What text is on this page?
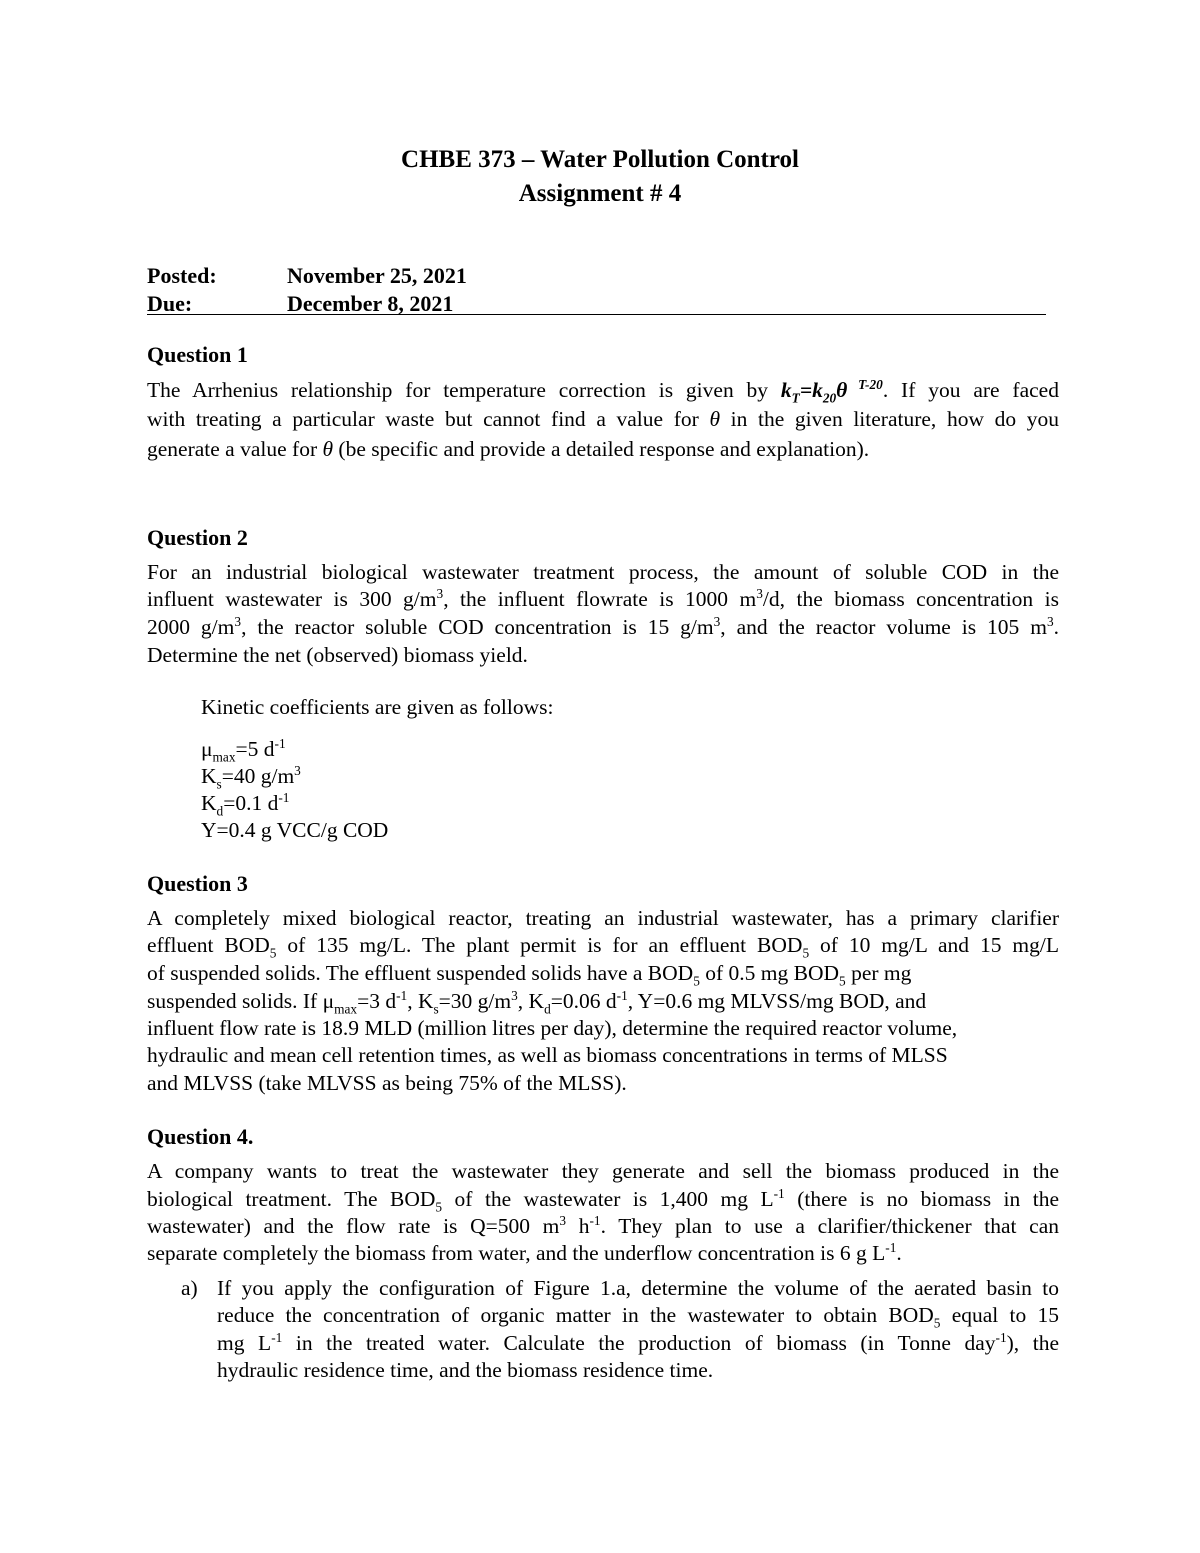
CHBE 373 – Water Pollution Control
Assignment # 4
Posted:	November 25, 2021
Due:	December 8, 2021
Question 1
The Arrhenius relationship for temperature correction is given by $k_T=k_{20}\theta$ $^{T-20}$. If you are faced
with treating a particular waste but cannot find a value for θ in the given literature, how do you
generate a value for θ (be specific and provide a detailed response and explanation).
Question 2
For an industrial biological wastewater treatment process, the amount of soluble COD in the
influent wastewater is 300 $g/m^3$, the influent flowrate is 1000 $m^3/d$, the biomass concentration is
2000 $g/m^3$, the reactor soluble COD concentration is 15 $g/m^3$, and the reactor volume is 105 $m^3$.
Determine the net (observed) biomass yield.
Kinetic coefficients are given as follows:
$\mu_{max}=5$ $d^{-1}$
$K_s=40$ $g/m^3$
$K_d=0.1$ $d^{-1}$
Y=0.4 g VCC/g COD
Question 3
A completely mixed biological reactor, treating an industrial wastewater, has a primary clarifier
effluent $BOD_5$ of 135 mg/L. The plant permit is for an effluent $BOD_5$ of 10 mg/L and 15 mg/L
of suspended solids. The effluent suspended solids have a $BOD_5$ of 0.5 mg $BOD_5$ per mg
suspended solids. If $\mu_{max}=3$ $d^{-1}$, $K_s=30$ $g/m^3$, $K_d=0.06$ $d^{-1}$, Y=0.6 mg MLVSS/mg BOD, and
influent flow rate is 18.9 MLD (million litres per day), determine the required reactor volume,
hydraulic and mean cell retention times, as well as biomass concentrations in terms of MLSS
and MLVSS (take MLVSS as being 75% of the MLSS).
Question 4.
A company wants to treat the wastewater they generate and sell the biomass produced in the
biological treatment. The $BOD_5$ of the wastewater is 1,400 mg $L^{-1}$ (there is no biomass in the
wastewater) and the flow rate is Q=500 $m^3$ $h^{-1}$. They plan to use a clarifier/thickener that can
separate completely the biomass from water, and the underflow concentration is 6 g $L^{-1}$.
a) If you apply the configuration of Figure 1.a, determine the volume of the aerated basin to
reduce the concentration of organic matter in the wastewater to obtain $BOD_5$ equal to 15
mg $L^{-1}$ in the treated water. Calculate the production of biomass (in Tonne day$^{-1}$), the
hydraulic residence time, and the biomass residence time.
